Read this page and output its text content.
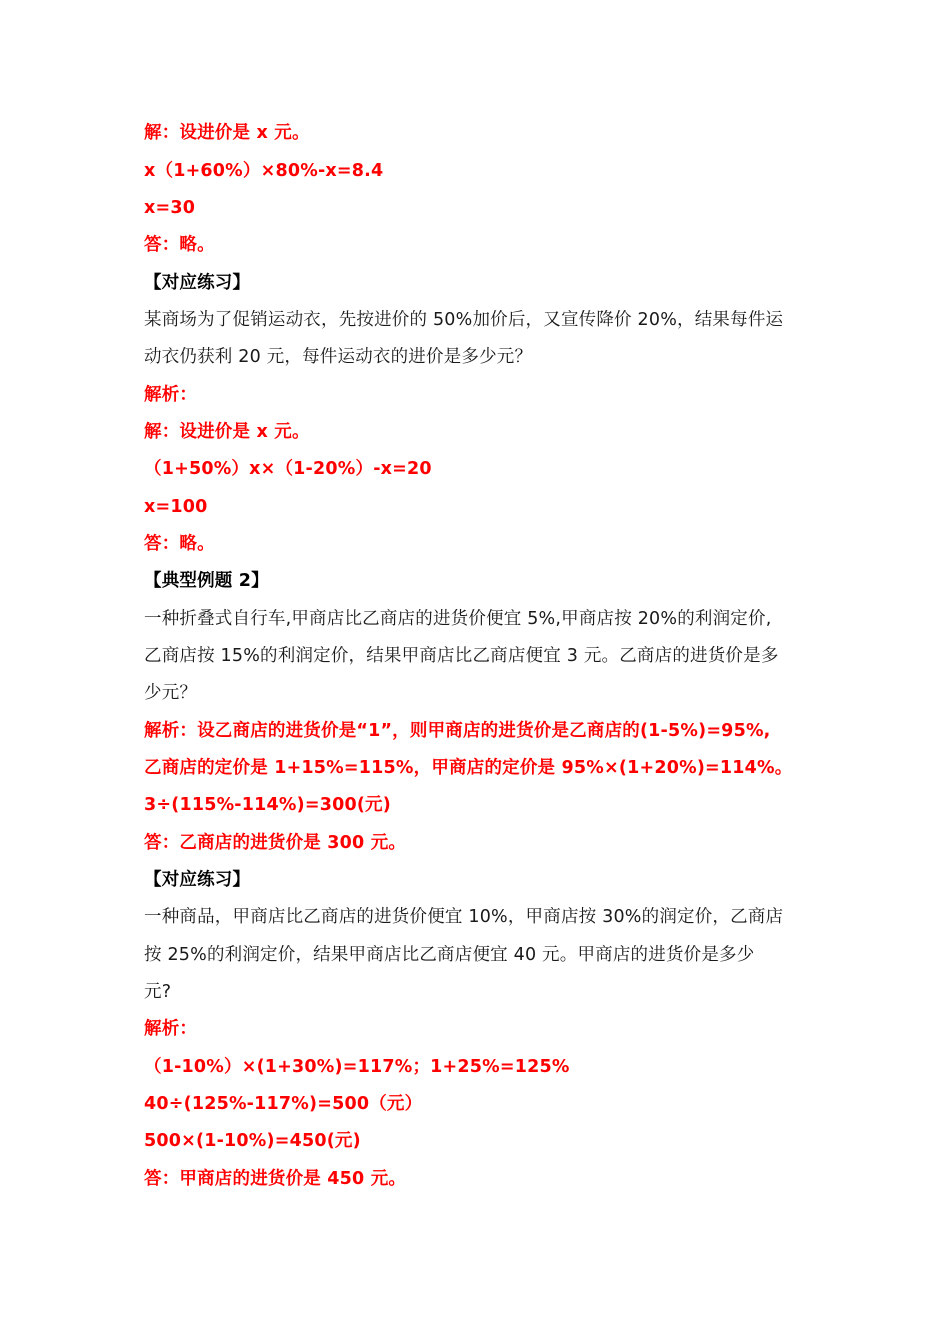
解：设进价是 x 元。
x（1+60%）×80%-x=8.4
x=30
答：略。
【对应练习】
某商场为了促销运动衣，先按进价的 50%加价后，又宣传降价 20%，结果每件运
动衣仍获利 20 元，每件运动衣的进价是多少元？
解析：
解：设进价是 x 元。
（1+50%）x×（1-20%）-x=20
x=100
答：略。
【典型例题 2】
一种折叠式自行车,甲商店比乙商店的进货价便宜 5%,甲商店按 20%的利润定价,
乙商店按 15%的利润定价，结果甲商店比乙商店便宜 3 元。乙商店的进货价是多
少元？
解析：设乙商店的进货价是“1”，则甲商店的进货价是乙商店的(1-5%)=95%,
乙商店的定价是 1+15%=115%，甲商店的定价是 95%×(1+20%)=114%。
3÷(115%-114%)=300(元)
答：乙商店的进货价是 300 元。
【对应练习】
一种商品，甲商店比乙商店的进货价便宜 10%，甲商店按 30%的润定价，乙商店
按 25%的利润定价，结果甲商店比乙商店便宜 40 元。甲商店的进货价是多少
元?
解析：
（1-10%）×(1+30%)=117%；1+25%=125%
40÷(125%-117%)=500（元）
500×(1-10%)=450(元)
答：甲商店的进货价是 450 元。
